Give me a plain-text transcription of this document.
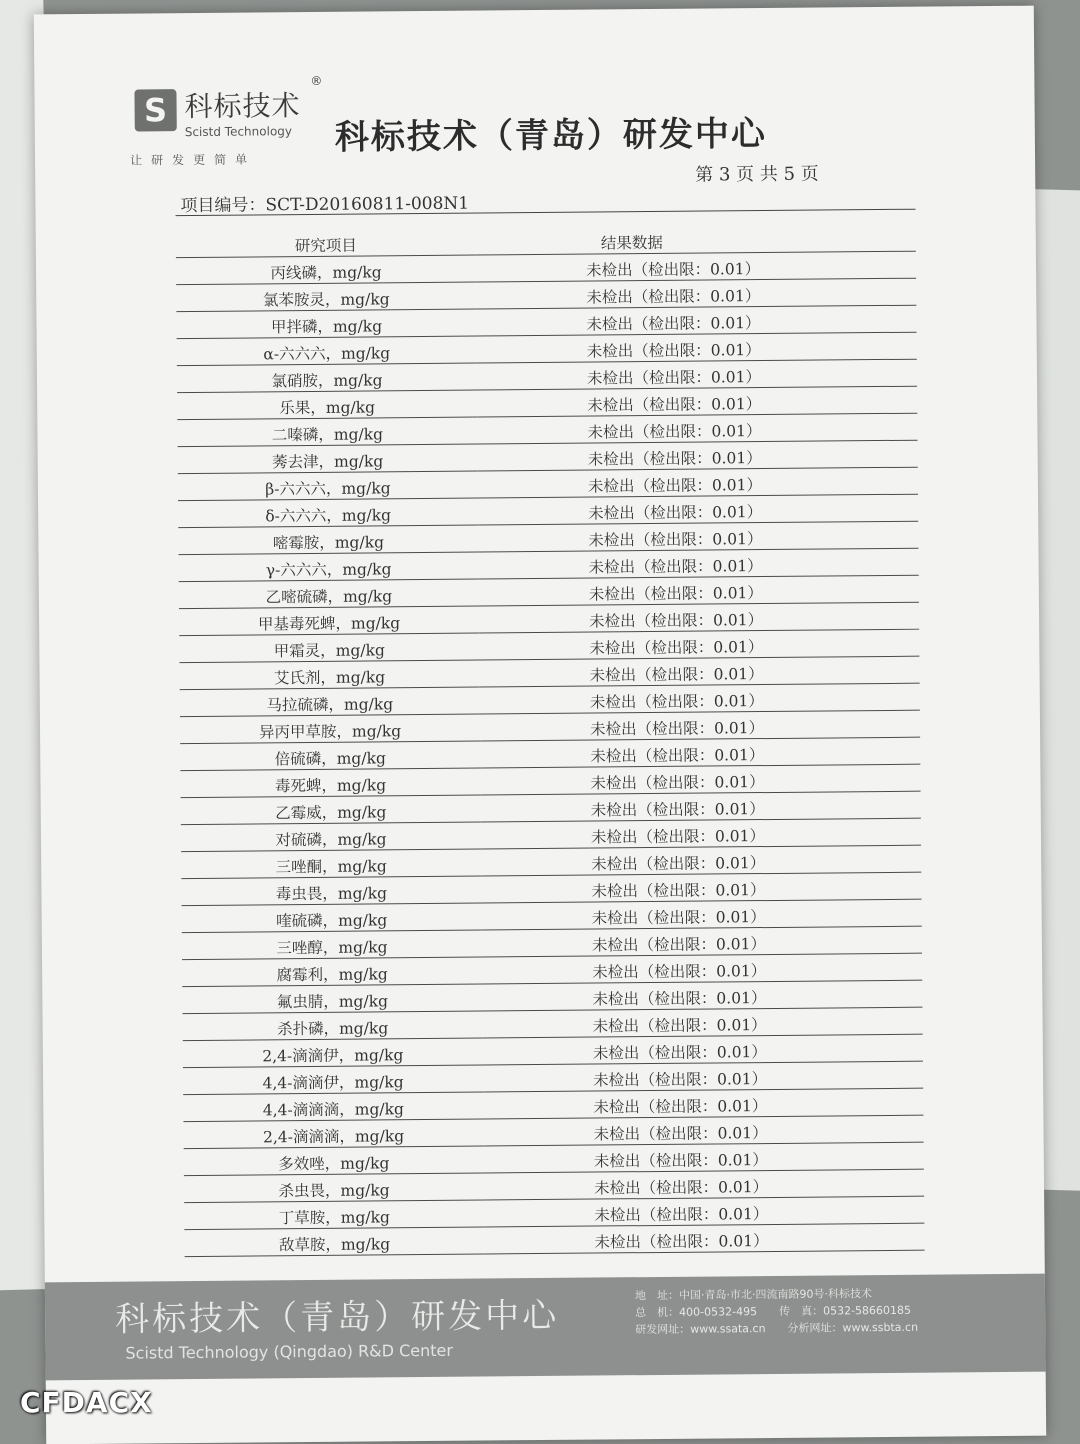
S 科标技术
®
Scistd Technology
让研发更简单
科标技术（青岛）研发中心
第 3 页 共 5 页
项目编号：SCT-D20160811-008N1
研究项目	结果数据
丙线磷，mg/kg	未检出（检出限：0.01）
氯苯胺灵，mg/kg	未检出（检出限：0.01）
甲拌磷，mg/kg	未检出（检出限：0.01）
α-六六六，mg/kg	未检出（检出限：0.01）
氯硝胺，mg/kg	未检出（检出限：0.01）
乐果，mg/kg	未检出（检出限：0.01）
二嗪磷，mg/kg	未检出（检出限：0.01）
莠去津，mg/kg	未检出（检出限：0.01）
β-六六六，mg/kg	未检出（检出限：0.01）
δ-六六六，mg/kg	未检出（检出限：0.01）
嘧霉胺，mg/kg	未检出（检出限：0.01）
γ-六六六，mg/kg	未检出（检出限：0.01）
乙嘧硫磷，mg/kg	未检出（检出限：0.01）
甲基毒死蜱，mg/kg	未检出（检出限：0.01）
甲霜灵，mg/kg	未检出（检出限：0.01）
艾氏剂，mg/kg	未检出（检出限：0.01）
马拉硫磷，mg/kg	未检出（检出限：0.01）
异丙甲草胺，mg/kg	未检出（检出限：0.01）
倍硫磷，mg/kg	未检出（检出限：0.01）
毒死蜱，mg/kg	未检出（检出限：0.01）
乙霉威，mg/kg	未检出（检出限：0.01）
对硫磷，mg/kg	未检出（检出限：0.01）
三唑酮，mg/kg	未检出（检出限：0.01）
毒虫畏，mg/kg	未检出（检出限：0.01）
喹硫磷，mg/kg	未检出（检出限：0.01）
三唑醇，mg/kg	未检出（检出限：0.01）
腐霉利，mg/kg	未检出（检出限：0.01）
氟虫腈，mg/kg	未检出（检出限：0.01）
杀扑磷，mg/kg	未检出（检出限：0.01）
2,4-滴滴伊，mg/kg	未检出（检出限：0.01）
4,4-滴滴伊，mg/kg	未检出（检出限：0.01）
4,4-滴滴滴，mg/kg	未检出（检出限：0.01）
2,4-滴滴滴，mg/kg	未检出（检出限：0.01）
多效唑，mg/kg	未检出（检出限：0.01）
杀虫畏，mg/kg	未检出（检出限：0.01）
丁草胺，mg/kg	未检出（检出限：0.01）
敌草胺，mg/kg	未检出（检出限：0.01）
科标技术（青岛）研发中心
Scistd Technology (Qingdao) R&D Center
地　址：中国·青岛·市北·四流南路90号·科标技术
总　机：400-0532-495　　传　真：0532-58660185
研发网址：www.ssata.cn　　分析网址：www.ssbta.cn
CFDACX
